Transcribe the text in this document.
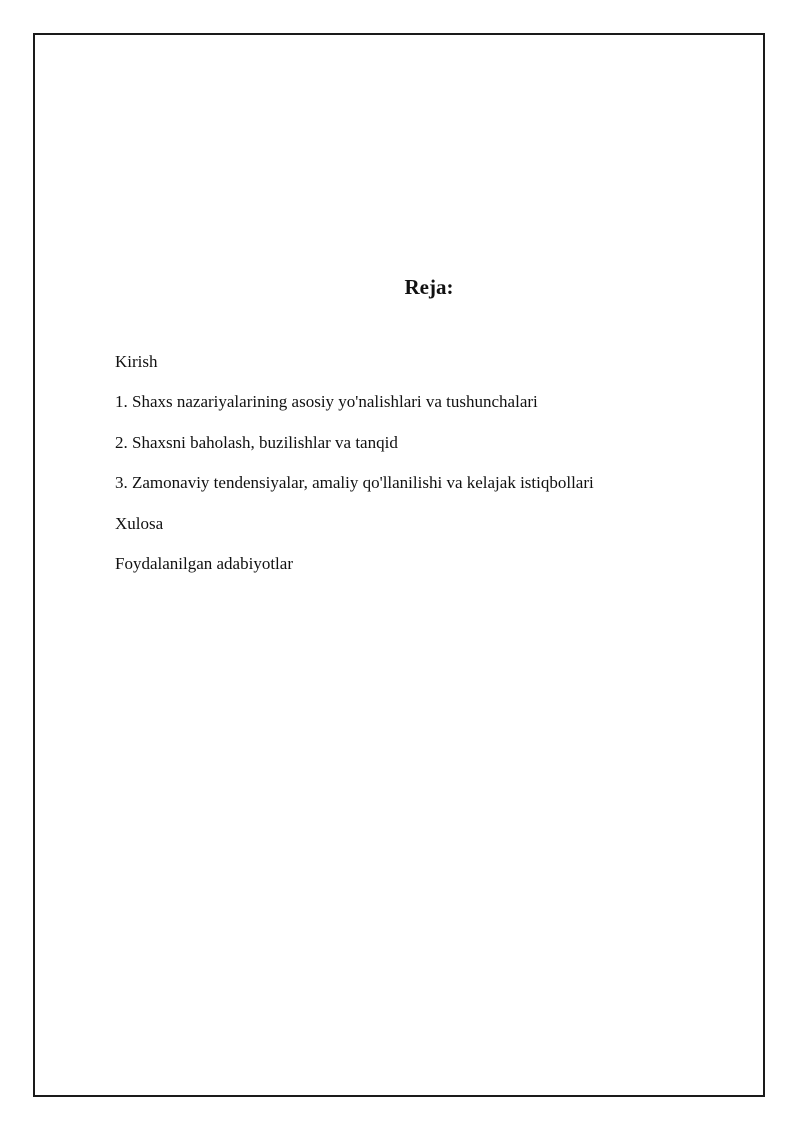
Reja:
Kirish
1. Shaxs nazariyalarining asosiy yo'nalishlari va tushunchalari
2. Shaxsni baholash, buzilishlar va tanqid
3. Zamonaviy tendensiyalar, amaliy qo'llanilishi va kelajak istiqbollari
Xulosa
Foydalanilgan adabiyotlar
